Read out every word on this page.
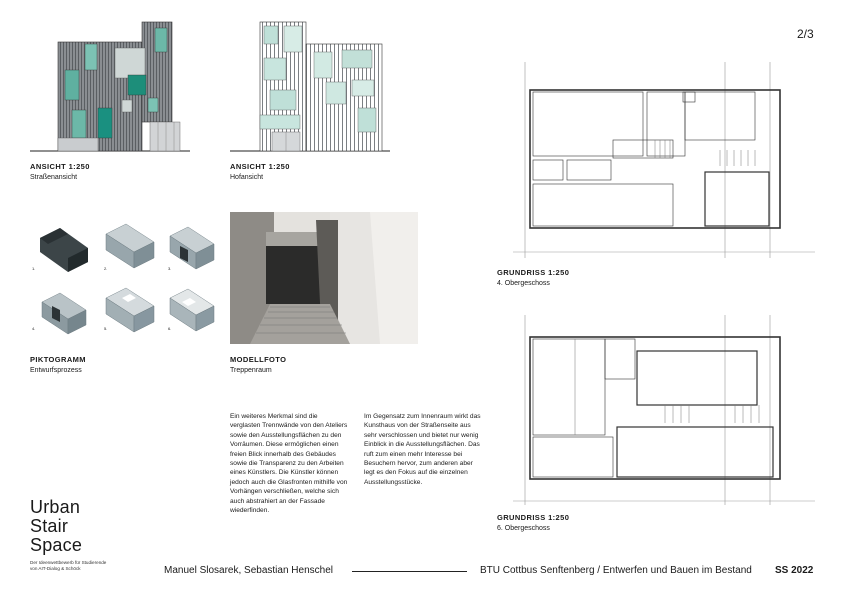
2/3
ANSICHT 1:250
Straßenansicht
ANSICHT 1:250
Hofansicht
1.	2.	3.
4.	5.	6.
PIKTOGRAMM
Entwurfsprozess
MODELLFOTO
Treppenraum
Ein weiteres Merkmal sind die verglasten Trennwände von den Ateliers sowie den Ausstellungsflächen zu den Vorräumen. Diese ermöglichen einen freien Blick innerhalb des Gebäudes sowie die Transparenz zu den Arbeiten eines Künstlers. Die Künstler können jedoch auch die Glasfronten mithilfe von Vorhängen verschließen, welche sich auch abstrahiert an der Fassade wiederfinden.
Im Gegensatz zum Innenraum wirkt das Kunsthaus von der Straßenseite aus sehr verschlossen und bietet nur wenig Einblick in die Ausstellungsflächen. Das ruft zum einen mehr Interesse bei Besuchern hervor, zum anderen aber legt es den Fokus auf die einzelnen Ausstellungsstücke.
GRUNDRISS 1:250
4. Obergeschoss
GRUNDRISS 1:250
6. Obergeschoss
Urban
Stair
Space
Der Ideenwettbewerb für Studierende
von AIT-Dialog & Schöck	Manuel Slosarek, Sebastian Henschel	BTU Cottbus Senftenberg / Entwerfen und Bauen im Bestand SS 2022
